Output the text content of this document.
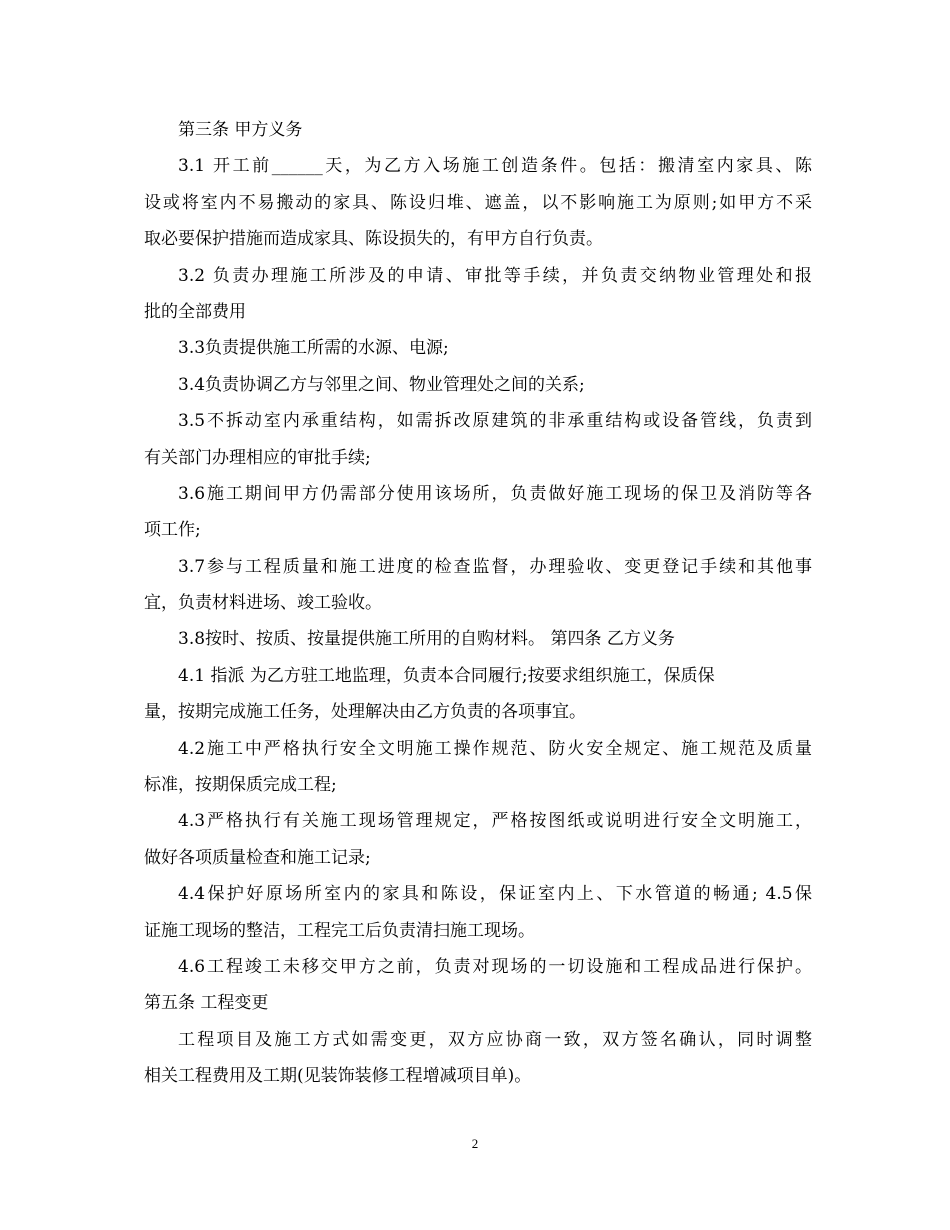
第三条 甲方义务
3.1 开工前______天，为乙方入场施工创造条件。包括：搬清室内家具、陈
设或将室内不易搬动的家具、陈设归堆、遮盖，以不影响施工为原则;如甲方不采
取必要保护措施而造成家具、陈设损失的，有甲方自行负责。
3.2 负责办理施工所涉及的申请、审批等手续，并负责交纳物业管理处和报
批的全部费用
3.3负责提供施工所需的水源、电源;
3.4负责协调乙方与邻里之间、物业管理处之间的关系;
3.5不拆动室内承重结构，如需拆改原建筑的非承重结构或设备管线，负责到
有关部门办理相应的审批手续;
3.6施工期间甲方仍需部分使用该场所，负责做好施工现场的保卫及消防等各
项工作;
3.7参与工程质量和施工进度的检查监督，办理验收、变更登记手续和其他事
宜，负责材料进场、竣工验收。
3.8按时、按质、按量提供施工所用的自购材料。 第四条 乙方义务
4.1 指派 为乙方驻工地监理，负责本合同履行;按要求组织施工，保质保
量，按期完成施工任务，处理解决由乙方负责的各项事宜。
4.2施工中严格执行安全文明施工操作规范、防火安全规定、施工规范及质量
标准，按期保质完成工程;
4.3严格执行有关施工现场管理规定，严格按图纸或说明进行安全文明施工，
做好各项质量检查和施工记录;
4.4保护好原场所室内的家具和陈设，保证室内上、下水管道的畅通; 4.5保
证施工现场的整洁，工程完工后负责清扫施工现场。
4.6工程竣工未移交甲方之前，负责对现场的一切设施和工程成品进行保护。
第五条 工程变更
工程项目及施工方式如需变更，双方应协商一致，双方签名确认，同时调整
相关工程费用及工期(见装饰装修工程增减项目单)。
2
